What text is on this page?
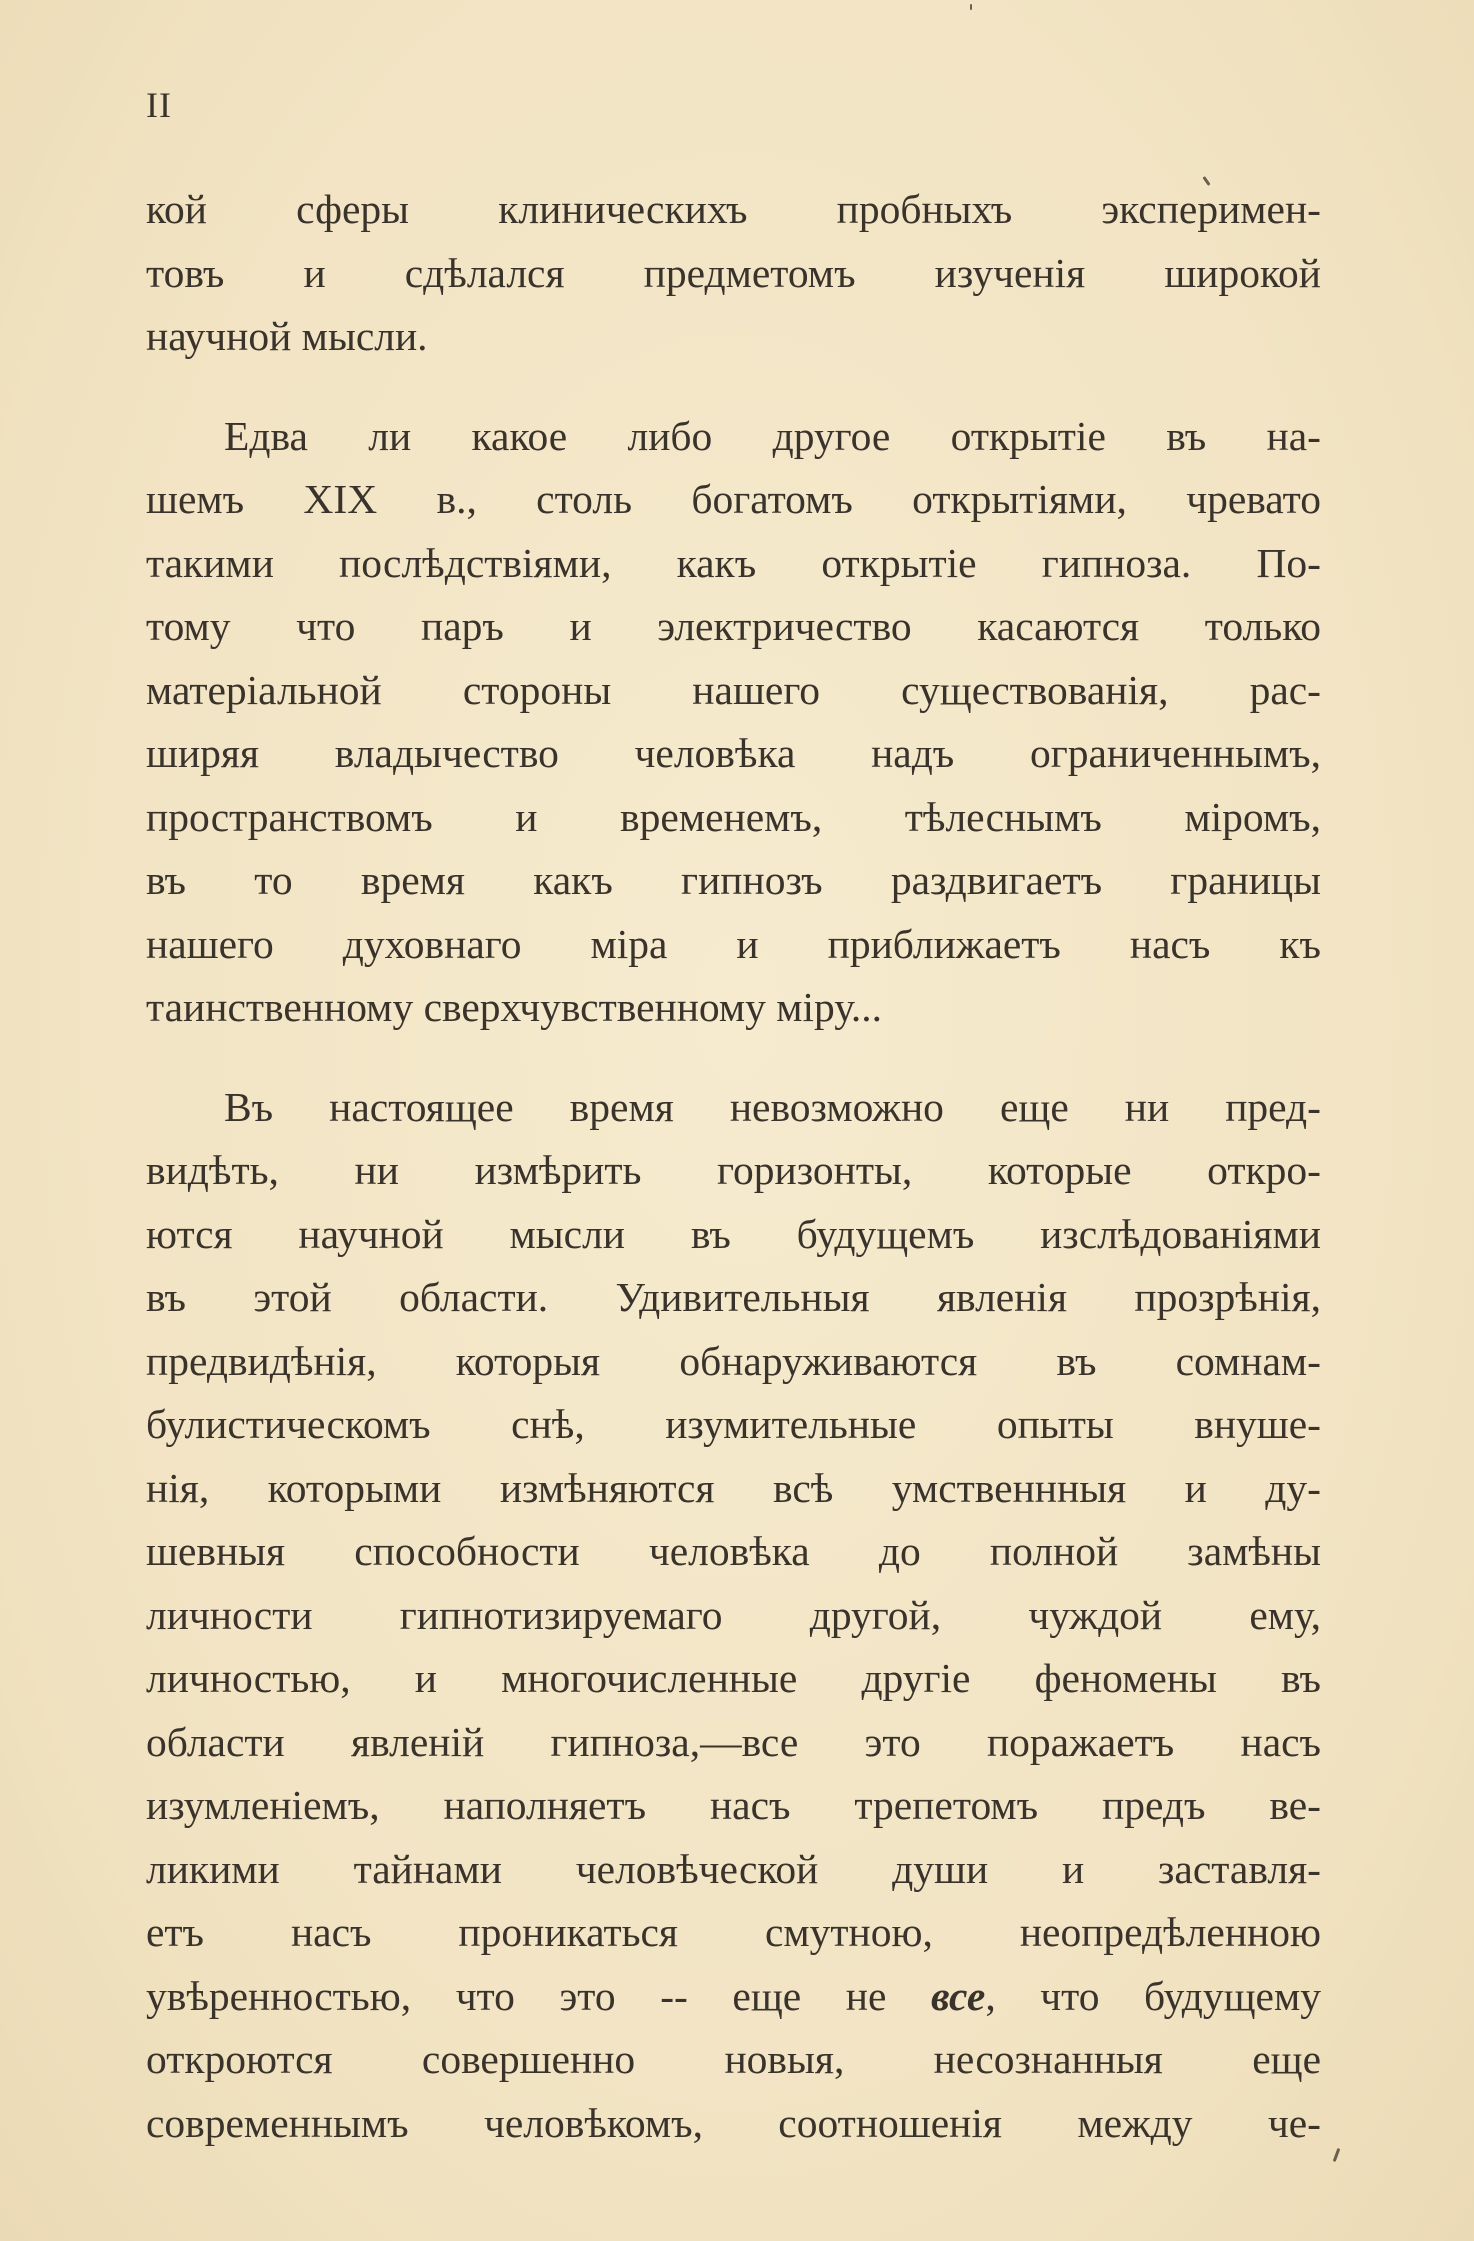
II
кой сферы клиническихъ пробныхъ эксперимен-
товъ и сдѣлался предметомъ изученія широкой
научной мысли.
Едва ли какое либо другое открытіе въ на-
шемъ XIX в., столь богатомъ открытіями, чревато
такими послѣдствіями, какъ открытіе гипноза. По-
тому что паръ и электричество касаются только
матеріальной стороны нашего существованія, рас-
ширяя владычество человѣка надъ ограниченнымъ,
пространствомъ и временемъ, тѣлеснымъ міромъ,
въ то время какъ гипнозъ раздвигаетъ границы
нашего духовнаго міра и приближаетъ насъ къ
таинственному сверхчувственному міру...
Въ настоящее время невозможно еще ни пред-
видѣть, ни измѣрить горизонты, которые откро-
ются научной мысли въ будущемъ изслѣдованіями
въ этой области. Удивительныя явленія прозрѣнія,
предвидѣнія, которыя обнаруживаются въ сомнам-
булистическомъ снѣ, изумительные опыты внуше-
нія, которыми измѣняются всѣ умственнныя и ду-
шевныя способности человѣка до полной замѣны
личности гипнотизируемаго другой, чуждой ему,
личностью, и многочисленные другіе феномены въ
области явленій гипноза,—все это поражаетъ насъ
изумленіемъ, наполняетъ насъ трепетомъ предъ ве-
ликими тайнами человѣческой души и заставля-
етъ насъ проникаться смутною, неопредѣленною
увѣренностью, что это -- еще не все, что будущему
откроются совершенно новыя, несознанныя еще
современнымъ человѣкомъ, соотношенія между че-
